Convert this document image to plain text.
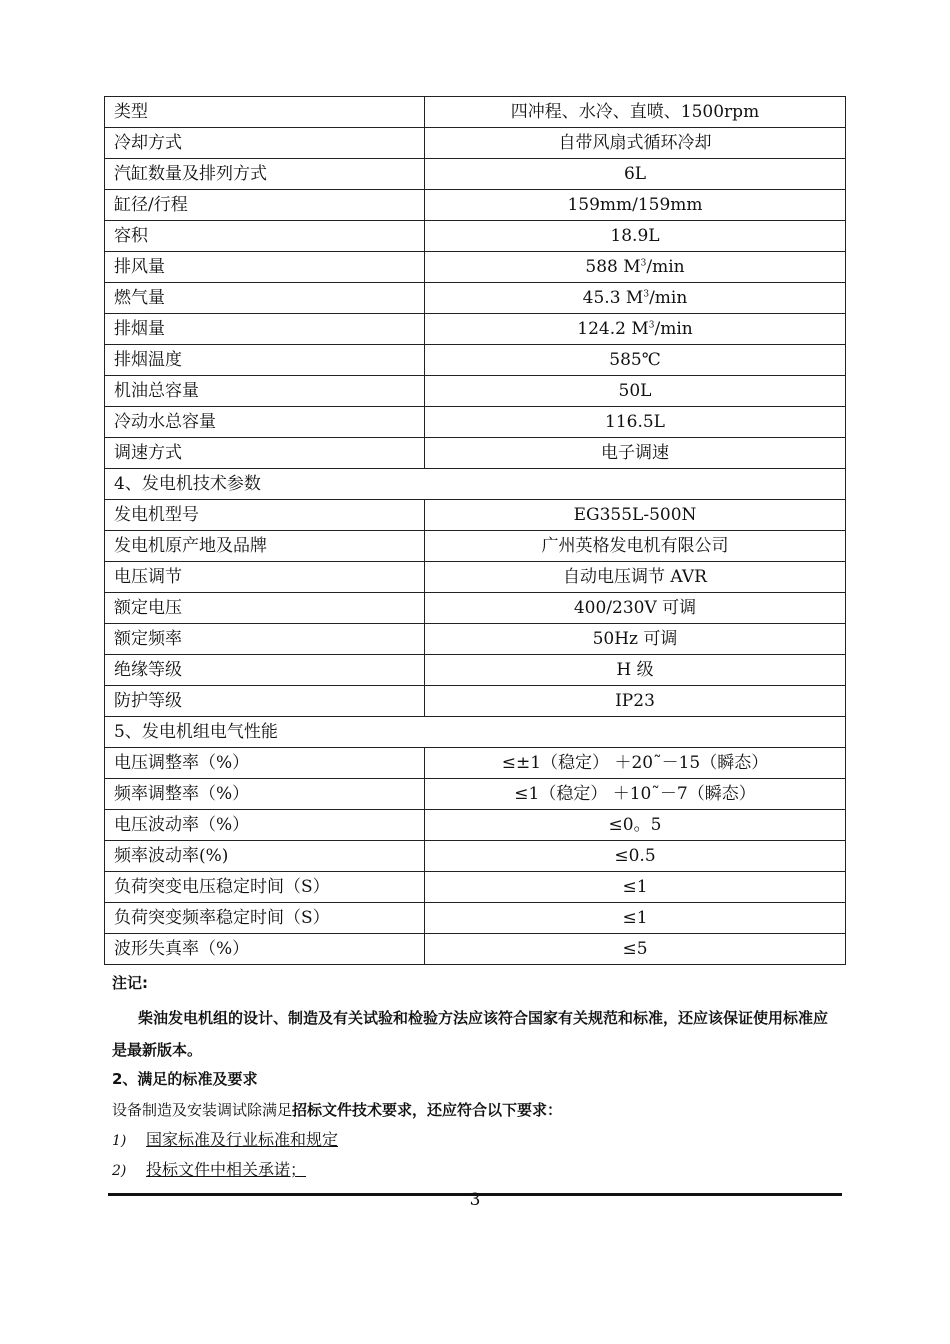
类型	四冲程、水冷、直喷、1500rpm
冷却方式	自带风扇式循环冷却
汽缸数量及排列方式	6L
缸径/行程	159mm/159mm
容积	18.9L
排风量	588 $M^3/\min$
燃气量	45.3 $M^3/\min$
排烟量	124.2 $M^3/\min$
排烟温度	585℃
机油总容量	50L
冷动水总容量	116.5L
调速方式	电子调速
4、发电机技术参数	
发电机型号	EG355L-500N
发电机原产地及品牌	广州英格发电机有限公司
电压调节	自动电压调节 AVR
额定电压	400/230V 可调
额定频率	50Hz 可调
绝缘等级	H 级
防护等级	IP23
5、发电机组电气性能	
电压调整率（%）	≤±1（稳定） ＋20˜－15（瞬态）
频率调整率（%）	≤1（稳定） ＋10˜－7（瞬态）
电压波动率（%）	≤0。5
频率波动率(%)	≤0.5
负荷突变电压稳定时间（S）	≤1
负荷突变频率稳定时间（S）	≤1
波形失真率（%）	≤5
注记:
柴油发电机组的设计、制造及有关试验和检验方法应该符合国家有关规范和标准，还应该保证使用标准应是最新版本。
2、满足的标准及要求
设备制造及安装调试除满足招标文件技术要求，还应符合以下要求：
1) 国家标准及行业标准和规定
2) 投标文件中相关承诺；
3
